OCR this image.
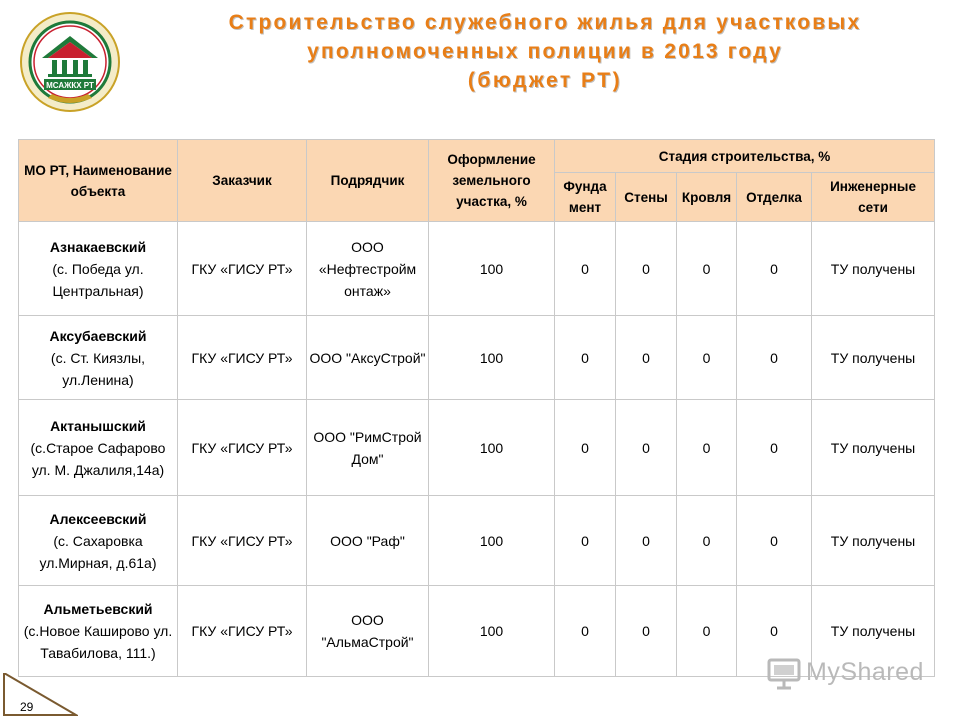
МСАЖКХ РТ
Строительство служебного жилья для участковых
уполномоченных полиции в 2013 году
(бюджет РТ)
МО РТ, Наименование объекта	Заказчик	Подрядчик	Оформление земельного участка, %	Стадия строительства, %				
				Фунда мент	Стены	Кровля	Отделка	Инженерные сети

Азнакаевский
(с. Победа ул. Центральная)	ГКУ «ГИСУ РТ»	ООО «Нефтестройм онтаж»	100	0	0	0	0	ТУ получены

Аксубаевский
(с. Ст. Киязлы, ул.Ленина)	ГКУ «ГИСУ РТ»	ООО "АксуСтрой"	100	0	0	0	0	ТУ получены

Актанышский
(с.Старое Сафарово ул. М. Джалиля,14а)	ГКУ «ГИСУ РТ»	ООО "РимСтрой Дом"	100	0	0	0	0	ТУ получены

Алексеевский
(с. Сахаровка ул.Мирная, д.61а)	ГКУ «ГИСУ РТ»	ООО "Раф"	100	0	0	0	0	ТУ получены

Альметьевский
(с.Новое Каширово ул. Тавабилова, 111.)	ГКУ «ГИСУ РТ»	ООО "АльмаСтрой"	100	0	0	0	0	ТУ получены
MyShared
29
